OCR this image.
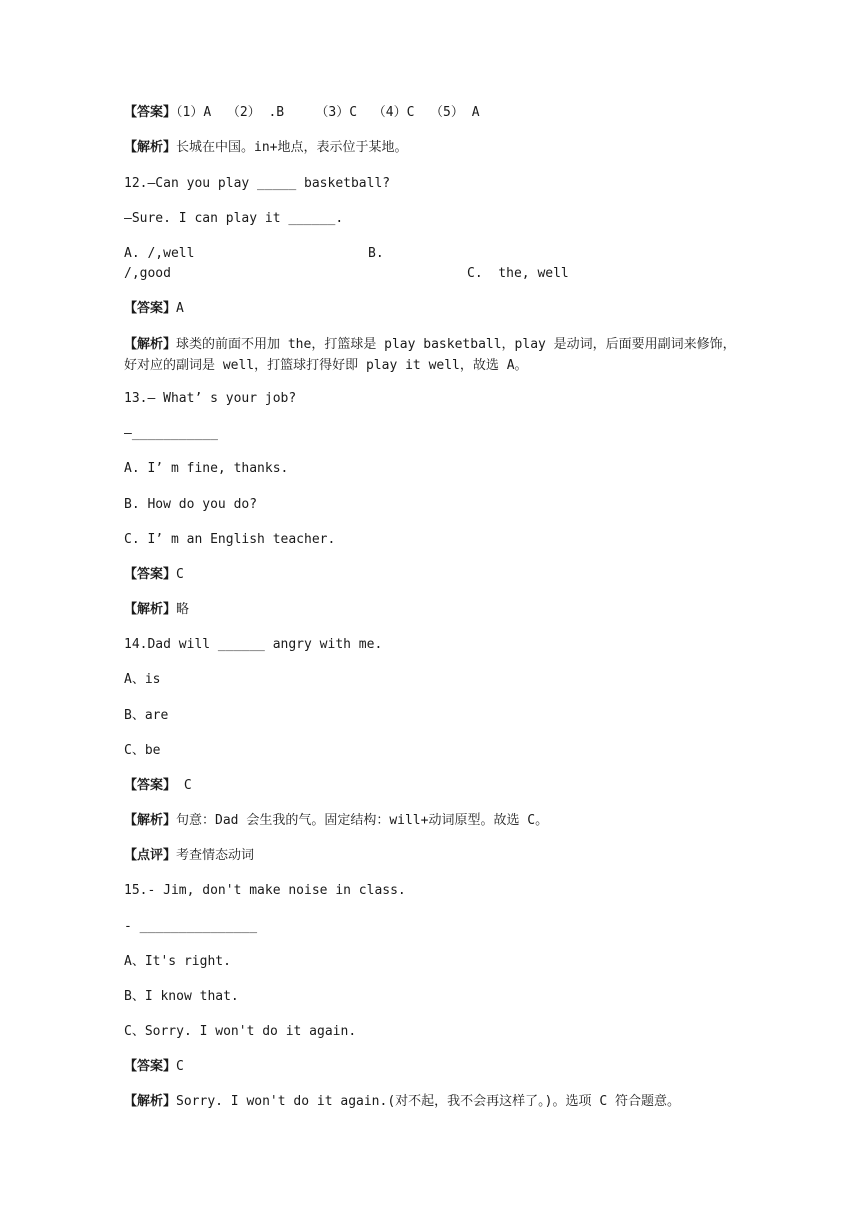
【答案】（1）A  （2） .B    （3）C  （4）C  （5） A
【解析】长城在中国。in+地点，表示位于某地。
12.—Can you play _____ basketball?
—Sure. I can play it ______.
A. /,well	B.
/,good	C.  the, well
【答案】A
【解析】球类的前面不用加 the，打篮球是 play basketball，play 是动词，后面要用副词来修饰，好对应的副词是 well，打篮球打得好即 play it well，故选 A。
13.— What’ s your job?
—___________
A. I’ m fine, thanks.
B. How do you do?
C. I’ m an English teacher.
【答案】C
【解析】略
14.Dad will ______ angry with me.
A、is
B、are
C、be
【答案】 C
【解析】句意：Dad 会生我的气。固定结构：will+动词原型。故选 C。
【点评】考查情态动词
15.- Jim, don't make noise in class.
- _______________
A、It's right.
B、I know that.
C、Sorry. I won't do it again.
【答案】C
【解析】Sorry. I won't do it again.(对不起，我不会再这样了。)。选项 C 符合题意。
